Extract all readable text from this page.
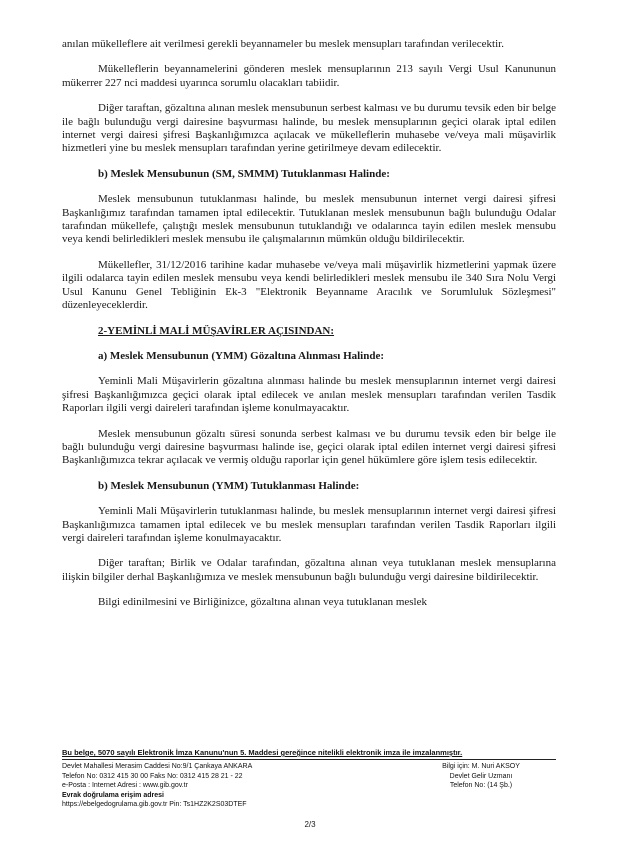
anılan mükelleflere ait verilmesi gerekli beyannameler bu meslek mensupları tarafından verilecektir.

Mükelleflerin beyannamelerini gönderen meslek mensuplarının 213 sayılı Vergi Usul Kanununun mükerrer 227 nci maddesi uyarınca sorumlu olacakları tabiidir.

Diğer taraftan, gözaltına alınan meslek mensubunun serbest kalması ve bu durumu tevsik eden bir belge ile bağlı bulunduğu vergi dairesine başvurması halinde, bu meslek mensuplarının geçici olarak iptal edilen internet vergi dairesi şifresi Başkanlığımızca açılacak ve mükelleflerin muhasebe ve/veya mali müşavirlik hizmetleri yine bu meslek mensupları tarafından yerine getirilmeye devam edilecektir.

b) Meslek Mensubunun (SM, SMMM) Tutuklanması Halinde:

Meslek mensubunun tutuklanması halinde, bu meslek mensubunun internet vergi dairesi şifresi Başkanlığımız tarafından tamamen iptal edilecektir. Tutuklanan meslek mensubunun bağlı bulunduğu Odalar tarafından mükellefe, çalıştığı meslek mensubunun tutuklandığı ve odalarınca tayin edilen meslek mensubu veya kendi belirledikleri meslek mensubu ile çalışmalarının mümkün olduğu bildirilecektir.

Mükellefler, 31/12/2016 tarihine kadar muhasebe ve/veya mali müşavirlik hizmetlerini yapmak üzere ilgili odalarca tayin edilen meslek mensubu veya kendi belirledikleri meslek mensubu ile 340 Sıra Nolu Vergi Usul Kanunu Genel Tebliğinin Ek-3 "Elektronik Beyanname Aracılık ve Sorumluluk Sözleşmesi" düzenleyeceklerdir.

2-YEMİNLİ MALİ MÜŞAVİRLER AÇISINDAN:
a) Meslek Mensubunun (YMM) Gözaltına Alınması Halinde:

Yeminli Mali Müşavirlerin gözaltına alınması halinde bu meslek mensuplarının internet vergi dairesi şifresi Başkanlığımızca geçici olarak iptal edilecek ve anılan meslek mensupları tarafından verilen Tasdik Raporları ilgili vergi daireleri tarafından işleme konulmayacaktır.

Meslek mensubunun gözaltı süresi sonunda serbest kalması ve bu durumu tevsik eden bir belge ile bağlı bulunduğu vergi dairesine başvurması halinde ise, geçici olarak iptal edilen internet vergi dairesi şifresi Başkanlığımızca tekrar açılacak ve vermiş olduğu raporlar için genel hükümlere göre işlem tesis edilecektir.

b) Meslek Mensubunun (YMM) Tutuklanması Halinde:

Yeminli Mali Müşavirlerin tutuklanması halinde, bu meslek mensuplarının internet vergi dairesi şifresi Başkanlığımızca tamamen iptal edilecek ve bu meslek mensupları tarafından verilen Tasdik Raporları ilgili vergi daireleri tarafından işleme konulmayacaktır.

Diğer taraftan; Birlik ve Odalar tarafından, gözaltına alınan veya tutuklanan meslek mensuplarına ilişkin bilgiler derhal Başkanlığımıza ve meslek mensubunun bağlı bulunduğu vergi dairesine bildirilecektir.

Bilgi edinilmesini ve Birliğinizce, gözaltına alınan veya tutuklanan meslek

Bu belge, 5070 sayılı Elektronik İmza Kanunu'nun 5. Maddesi gereğince nitelikli elektronik imza ile imzalanmıştır.
Devlet Mahallesi Merasim Caddesi No:9/1 Çankaya ANKARA
Telefon No: 0312 415 30 00 Faks No: 0312 415 28 21 - 22
e-Posta : Internet Adresi : www.gib.gov.tr
Evrak doğrulama erişim adresi
https://ebelgedogrulama.gib.gov.tr Pin: Ts1HZ2K2S03DTEF
Bilgi için: M. Nuri AKSOY
Devlet Gelir Uzmanı
Telefon No: (14 Şb.)
2/3
